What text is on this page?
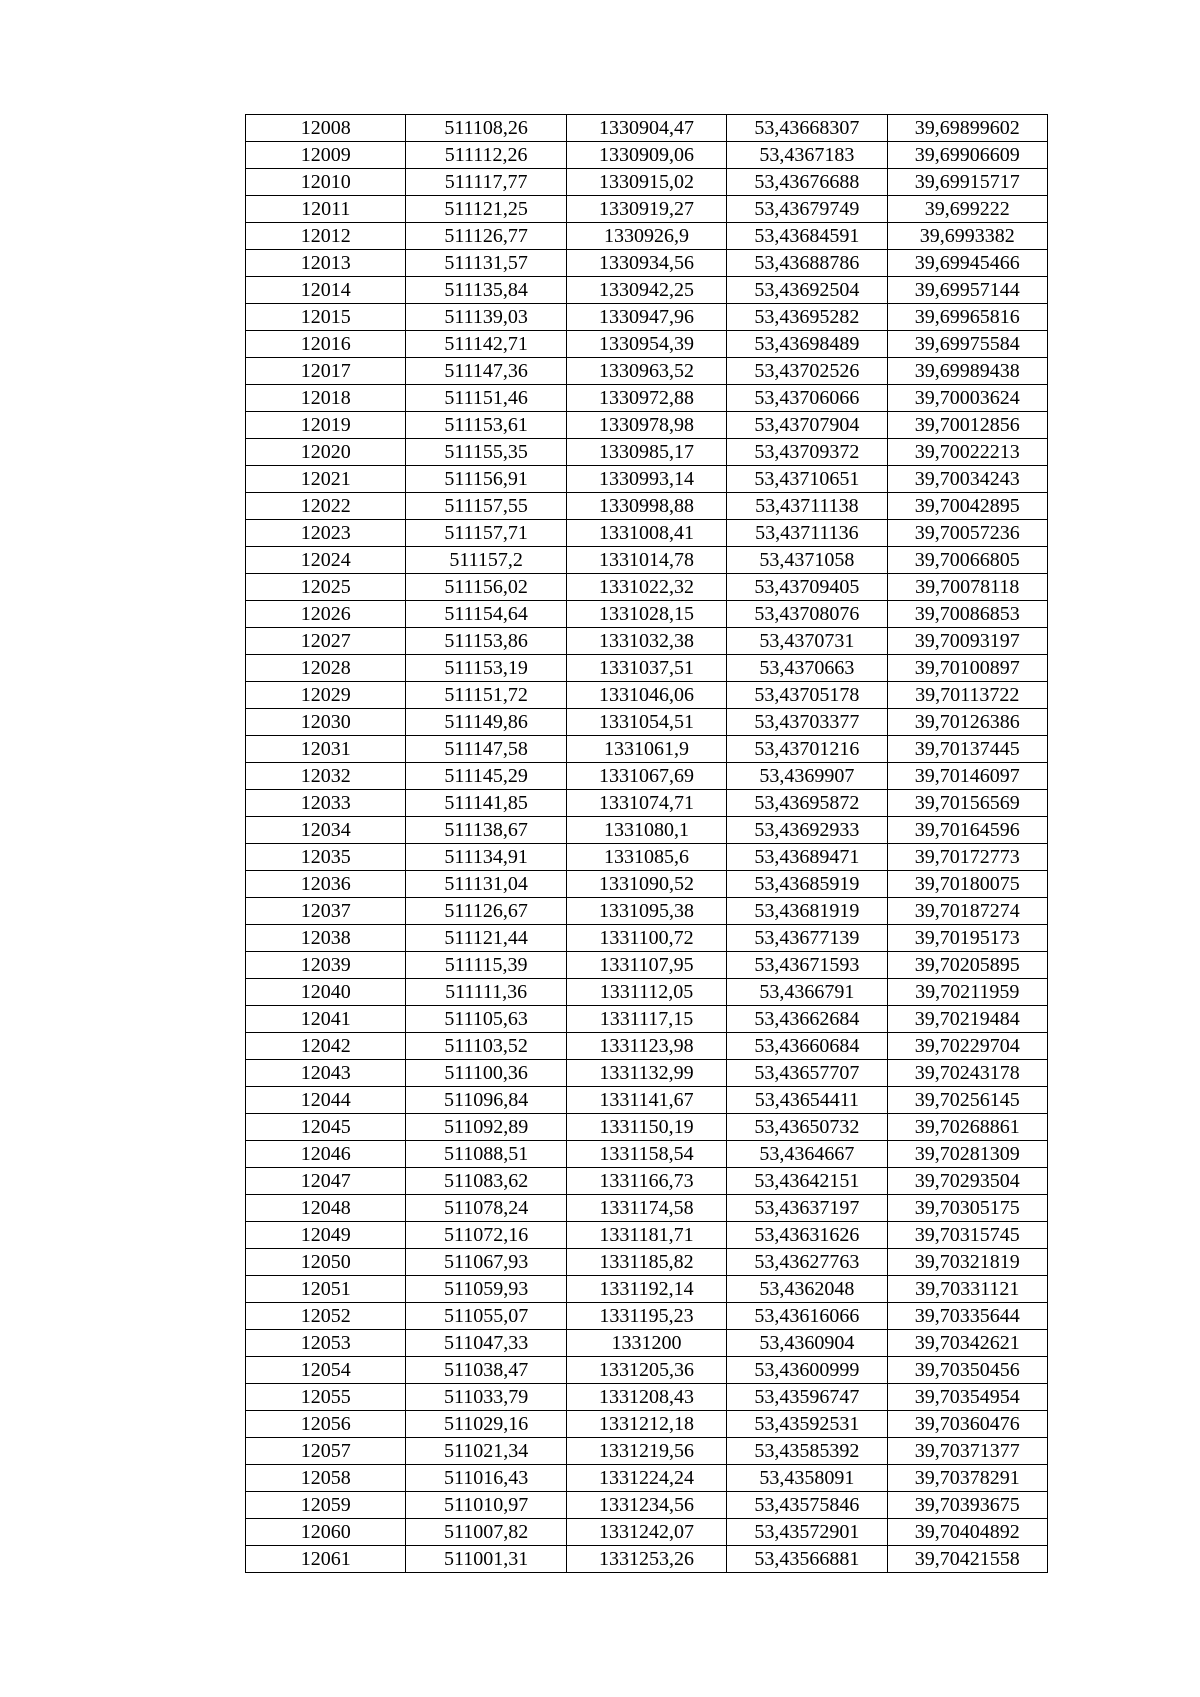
12008	511108,26	1330904,47	53,43668307	39,69899602
12009	511112,26	1330909,06	53,4367183	39,69906609
12010	511117,77	1330915,02	53,43676688	39,69915717
12011	511121,25	1330919,27	53,43679749	39,699222
12012	511126,77	1330926,9	53,43684591	39,6993382
12013	511131,57	1330934,56	53,43688786	39,69945466
12014	511135,84	1330942,25	53,43692504	39,69957144
12015	511139,03	1330947,96	53,43695282	39,69965816
12016	511142,71	1330954,39	53,43698489	39,69975584
12017	511147,36	1330963,52	53,43702526	39,69989438
12018	511151,46	1330972,88	53,43706066	39,70003624
12019	511153,61	1330978,98	53,43707904	39,70012856
12020	511155,35	1330985,17	53,43709372	39,70022213
12021	511156,91	1330993,14	53,43710651	39,70034243
12022	511157,55	1330998,88	53,43711138	39,70042895
12023	511157,71	1331008,41	53,43711136	39,70057236
12024	511157,2	1331014,78	53,4371058	39,70066805
12025	511156,02	1331022,32	53,43709405	39,70078118
12026	511154,64	1331028,15	53,43708076	39,70086853
12027	511153,86	1331032,38	53,4370731	39,70093197
12028	511153,19	1331037,51	53,4370663	39,70100897
12029	511151,72	1331046,06	53,43705178	39,70113722
12030	511149,86	1331054,51	53,43703377	39,70126386
12031	511147,58	1331061,9	53,43701216	39,70137445
12032	511145,29	1331067,69	53,4369907	39,70146097
12033	511141,85	1331074,71	53,43695872	39,70156569
12034	511138,67	1331080,1	53,43692933	39,70164596
12035	511134,91	1331085,6	53,43689471	39,70172773
12036	511131,04	1331090,52	53,43685919	39,70180075
12037	511126,67	1331095,38	53,43681919	39,70187274
12038	511121,44	1331100,72	53,43677139	39,70195173
12039	511115,39	1331107,95	53,43671593	39,70205895
12040	511111,36	1331112,05	53,4366791	39,70211959
12041	511105,63	1331117,15	53,43662684	39,70219484
12042	511103,52	1331123,98	53,43660684	39,70229704
12043	511100,36	1331132,99	53,43657707	39,70243178
12044	511096,84	1331141,67	53,43654411	39,70256145
12045	511092,89	1331150,19	53,43650732	39,70268861
12046	511088,51	1331158,54	53,4364667	39,70281309
12047	511083,62	1331166,73	53,43642151	39,70293504
12048	511078,24	1331174,58	53,43637197	39,70305175
12049	511072,16	1331181,71	53,43631626	39,70315745
12050	511067,93	1331185,82	53,43627763	39,70321819
12051	511059,93	1331192,14	53,4362048	39,70331121
12052	511055,07	1331195,23	53,43616066	39,70335644
12053	511047,33	1331200	53,4360904	39,70342621
12054	511038,47	1331205,36	53,43600999	39,70350456
12055	511033,79	1331208,43	53,43596747	39,70354954
12056	511029,16	1331212,18	53,43592531	39,70360476
12057	511021,34	1331219,56	53,43585392	39,70371377
12058	511016,43	1331224,24	53,4358091	39,70378291
12059	511010,97	1331234,56	53,43575846	39,70393675
12060	511007,82	1331242,07	53,43572901	39,70404892
12061	511001,31	1331253,26	53,43566881	39,70421558
